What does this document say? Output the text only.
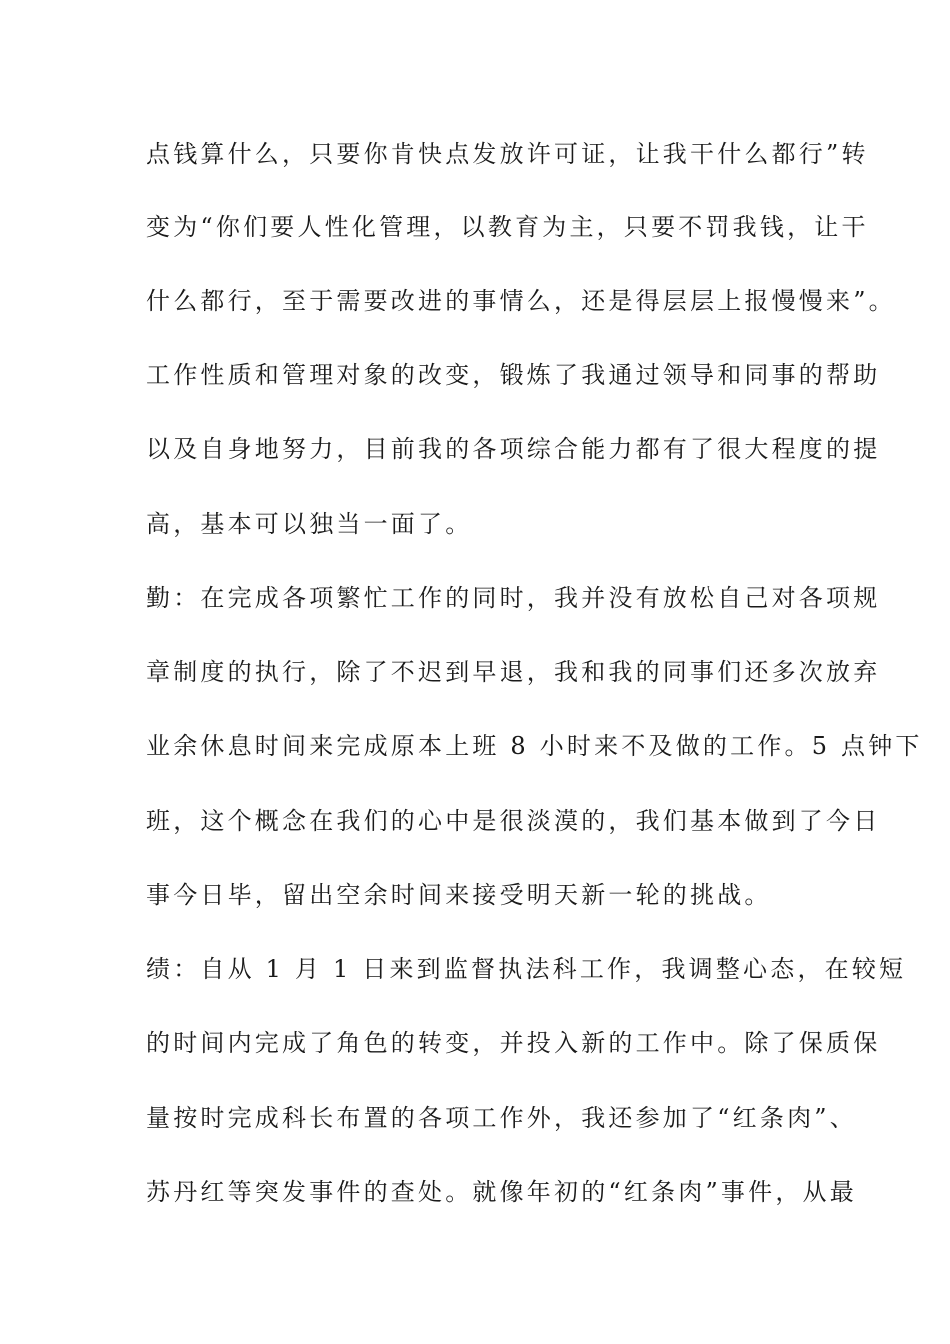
点钱算什么，只要你肯快点发放许可证，让我干什么都行”转
变为“你们要人性化管理，以教育为主，只要不罚我钱，让干
什么都行，至于需要改进的事情么，还是得层层上报慢慢来”。
工作性质和管理对象的改变，锻炼了我通过领导和同事的帮助
以及自身地努力，目前我的各项综合能力都有了很大程度的提
高，基本可以独当一面了。
勤：在完成各项繁忙工作的同时，我并没有放松自己对各项规
章制度的执行，除了不迟到早退，我和我的同事们还多次放弃
业余休息时间来完成原本上班 8 小时来不及做的工作。5 点钟下
班，这个概念在我们的心中是很淡漠的，我们基本做到了今日
事今日毕，留出空余时间来接受明天新一轮的挑战。
绩：自从 1 月 1 日来到监督执法科工作，我调整心态，在较短
的时间内完成了角色的转变，并投入新的工作中。除了保质保
量按时完成科长布置的各项工作外，我还参加了“红条肉”、
苏丹红等突发事件的查处。就像年初的“红条肉”事件，从最
